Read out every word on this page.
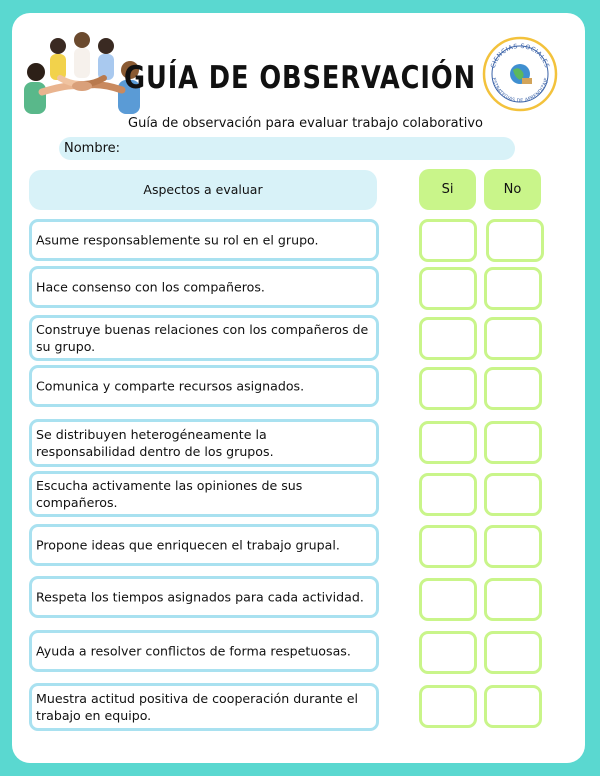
GUÍA DE OBSERVACIÓN	CIENCIAS SOCIALES
ESTRATEGIAS DE APRENDIZAJE
Guía de observación para evaluar trabajo colaborativo
Nombre:
Aspectos a evaluar	Si	No
Asume responsablemente su rol en el grupo.
Hace consenso con los compañeros.
Construye buenas relaciones con los compañeros de su grupo.
Comunica y comparte recursos asignados.
Se distribuyen heterogéneamente la responsabilidad dentro de los grupos.
Escucha activamente las opiniones de sus compañeros.
Propone ideas que enriquecen el trabajo grupal.
Respeta los tiempos asignados para cada actividad.
Ayuda a resolver conflictos de forma respetuosas.
Muestra actitud positiva de cooperación durante el trabajo en equipo.
